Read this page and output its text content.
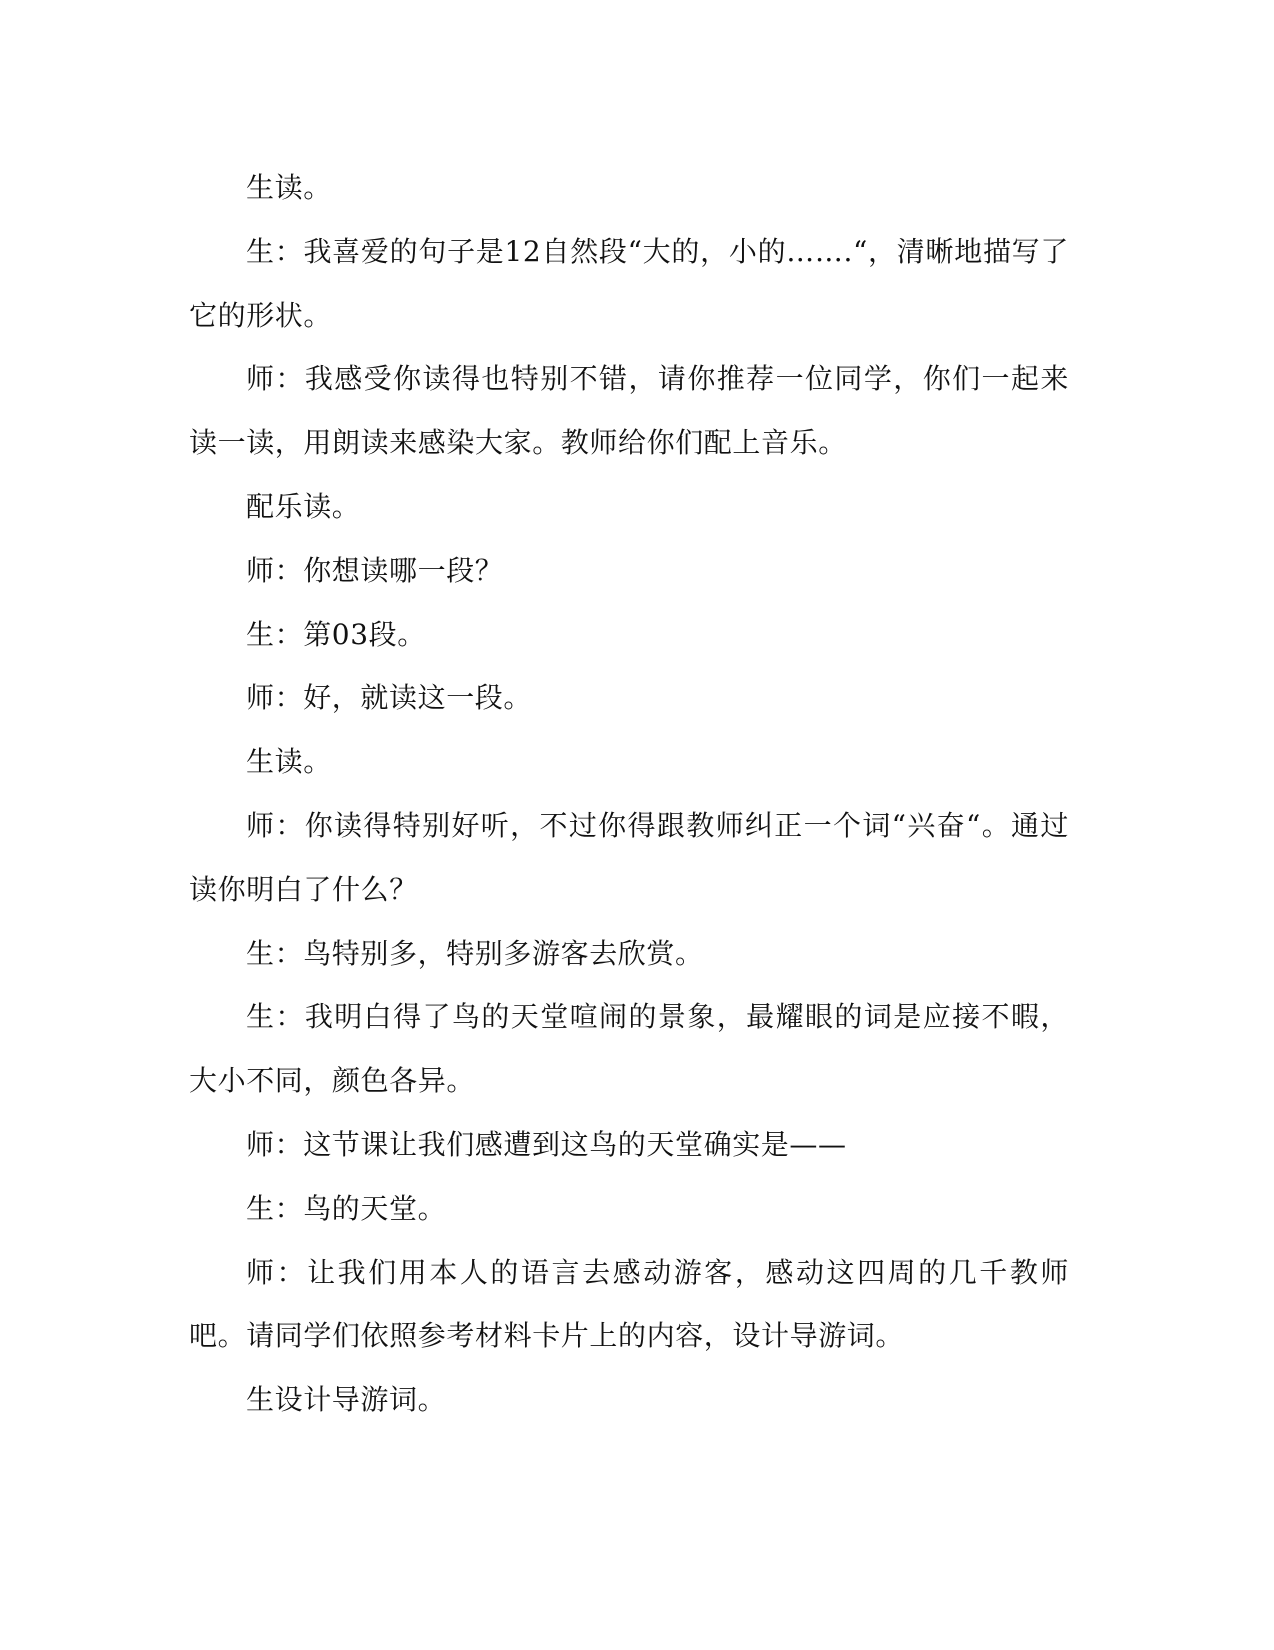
生读。

生：我喜爱的句子是12自然段“大的，小的…….“，清晰地描写了它的形状。

师：我感受你读得也特别不错，请你推荐一位同学，你们一起来读一读，用朗读来感染大家。教师给你们配上音乐。

配乐读。

师：你想读哪一段？

生：第03段。

师：好，就读这一段。

生读。

师：你读得特别好听，不过你得跟教师纠正一个词“兴奋“。通过读你明白了什么？

生：鸟特别多，特别多游客去欣赏。

生：我明白得了鸟的天堂喧闹的景象，最耀眼的词是应接不暇，大小不同，颜色各异。

师：这节课让我们感遭到这鸟的天堂确实是——

生：鸟的天堂。

师：让我们用本人的语言去感动游客，感动这四周的几千教师吧。请同学们依照参考材料卡片上的内容，设计导游词。

生设计导游词。
